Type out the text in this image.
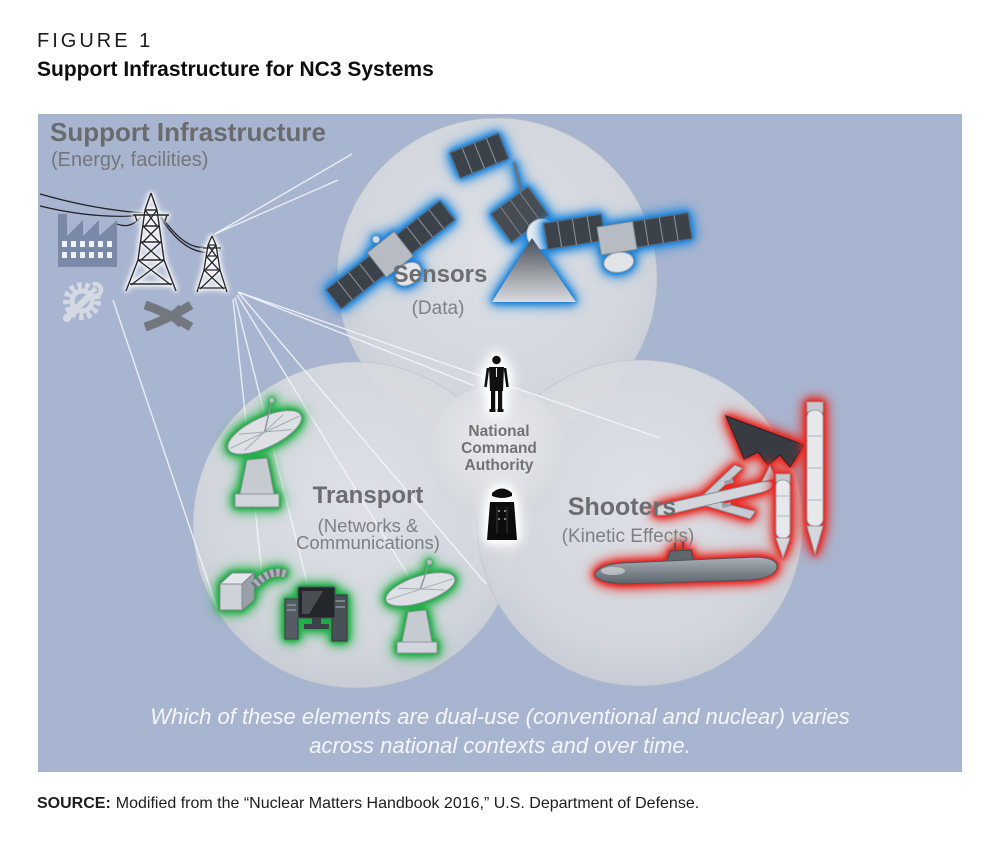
FIGURE 1
Support Infrastructure for NC3 Systems
Support Infrastructure
(Energy, facilities)
Sensors
(Data)
Transport
(Networks & Communications)
Shooters
(Kinetic Effects)
National Command Authority
Which of these elements are dual-use (conventional and nuclear) varies
across national contexts and over time.
SOURCE: Modified from the “Nuclear Matters Handbook 2016,” U.S. Department of Defense.
